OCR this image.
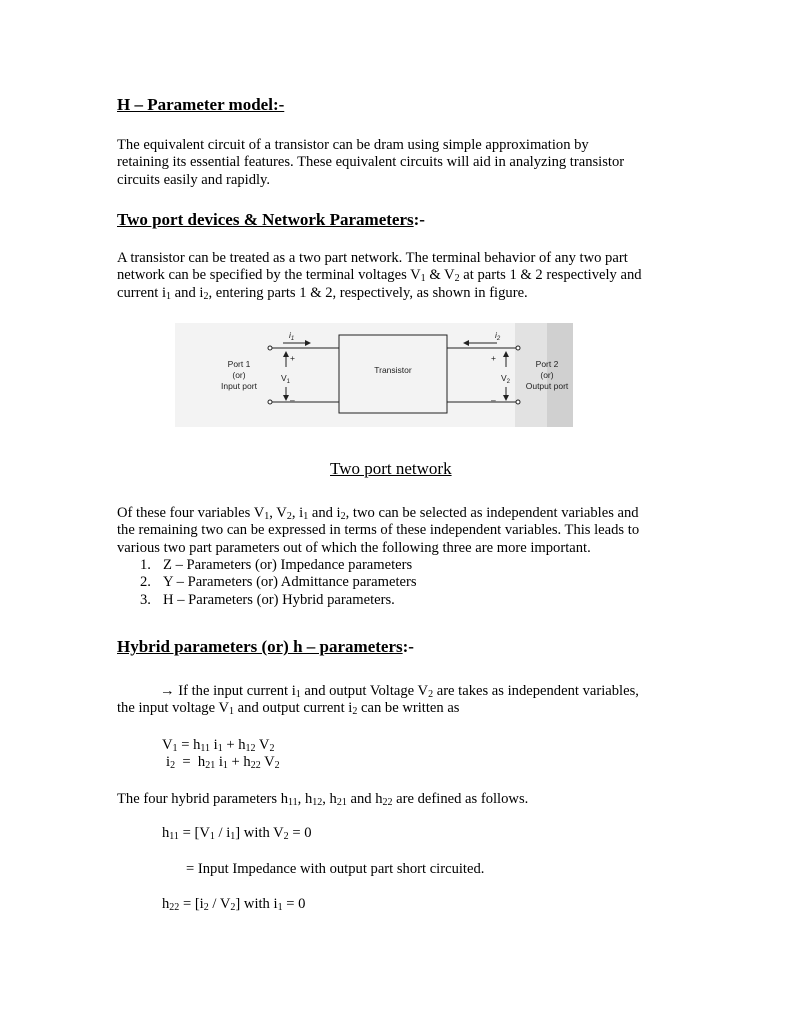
H – Parameter model:-
The equivalent circuit of a transistor can be dram using simple approximation by
retaining its essential features. These equivalent circuits will aid in analyzing transistor
circuits easily and rapidly.
Two port devices & Network Parameters:-
A transistor can be treated as a two part network. The terminal behavior of any two part
network can be specified by the terminal voltages $V_1$ & $V_2$ at parts 1 & 2 respectively and
current $i_1$ and $i_2$, entering parts 1 & 2, respectively, as shown in figure.
Transistor
Port 1
(or)
Input port
Port 2
(or)
Output port
$i_1$	$i_2$
$V_1$	$V_2$
+	+
–	–
Two port network
Of these four variables $V_1$, $V_2$, $i_1$ and $i_2$, two can be selected as independent variables and
the remaining two can be expressed in terms of these independent variables. This leads to
various two part parameters out of which the following three are more important.
1. Z – Parameters (or) Impedance parameters
2. Y – Parameters (or) Admittance parameters
3. H – Parameters (or) Hybrid parameters.
Hybrid parameters (or) h – parameters:-
→ If the input current $i_1$ and output Voltage $V_2$ are takes as independent variables,
the input voltage $V_1$ and output current $i_2$ can be written as
$V_1 = h_{11}$ $i_1 + h_{12}$ $V_2$
$i_2 = h_{21}$ $i_1 + h_{22}$ $V_2$
The four hybrid parameters $h_{11}$, $h_{12}$, $h_{21}$ and $h_{22}$ are defined as follows.
$h_{11} = [V_1 / i_1]$ with $V_2 = 0$
= Input Impedance with output part short circuited.
$h_{22} = [i_2 / V_2]$ with $i_1 = 0$
